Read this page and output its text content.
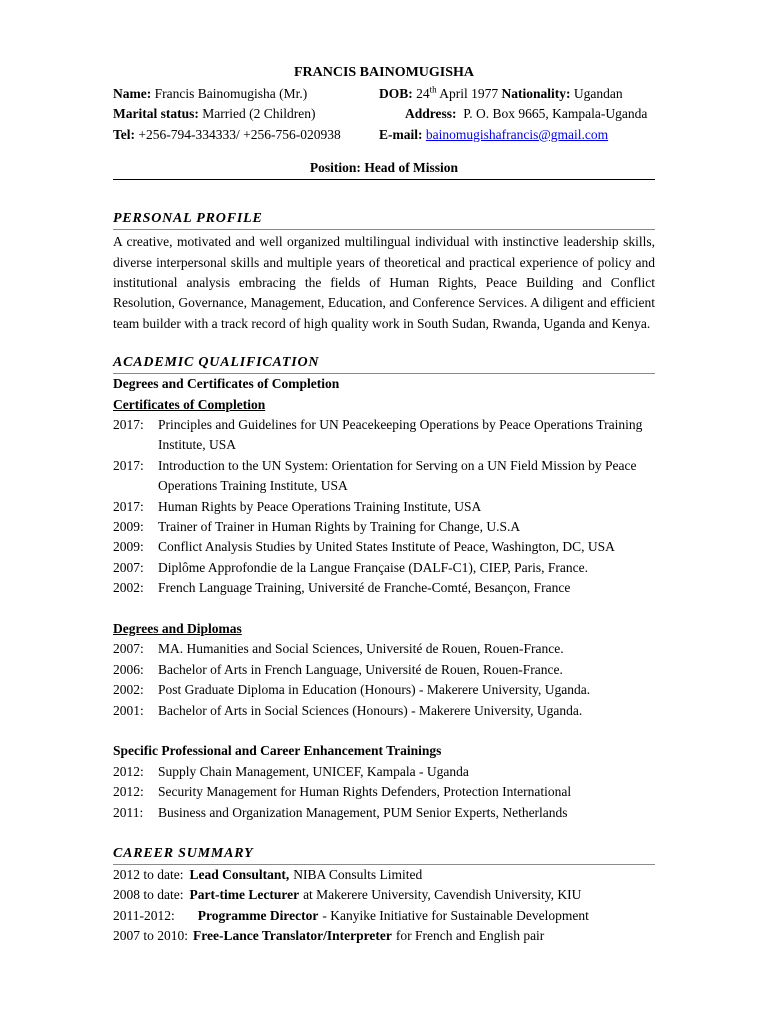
FRANCIS BAINOMUGISHA
Name: Francis Bainomugisha (Mr.)	DOB: 24th April 1977 Nationality: Ugandan
Marital status: Married (2 Children)	Address: P. O. Box 9665, Kampala-Uganda
Tel: +256-794-334333/ +256-756-020938	E-mail: bainomugishafrancis@gmail.com
Position: Head of Mission
PERSONAL PROFILE
A creative, motivated and well organized multilingual individual with instinctive leadership skills, diverse interpersonal skills and multiple years of theoretical and practical experience of policy and institutional analysis embracing the fields of Human Rights, Peace Building and Conflict Resolution, Governance, Management, Education, and Conference Services. A diligent and efficient team builder with a track record of high quality work in South Sudan, Rwanda, Uganda and Kenya.
ACADEMIC QUALIFICATION
Degrees and Certificates of Completion
Certificates of Completion
2017:	Principles and Guidelines for UN Peacekeeping Operations by Peace Operations Training Institute, USA
2017:	Introduction to the UN System: Orientation for Serving on a UN Field Mission by Peace Operations Training Institute, USA
2017:	Human Rights by Peace Operations Training Institute, USA
2009:	Trainer of Trainer in Human Rights by Training for Change, U.S.A
2009:	Conflict Analysis Studies by United States Institute of Peace, Washington, DC, USA
2007:	Diplôme Approfondie de la Langue Française (DALF-C1), CIEP, Paris, France.
2002:	French Language Training, Université de Franche-Comté, Besançon, France
Degrees and Diplomas
2007:	MA. Humanities and Social Sciences, Université de Rouen, Rouen-France.
2006:	Bachelor of Arts in French Language, Université de Rouen, Rouen-France.
2002:	Post Graduate Diploma in Education (Honours) - Makerere University, Uganda.
2001:	Bachelor of Arts in Social Sciences (Honours) - Makerere University, Uganda.
Specific Professional and Career Enhancement Trainings
2012:	Supply Chain Management, UNICEF, Kampala - Uganda
2012:	Security Management for Human Rights Defenders, Protection International
2011:	Business and Organization Management, PUM Senior Experts, Netherlands
CAREER SUMMARY
2012 to date: Lead Consultant, NIBA Consults Limited
2008 to date: Part-time Lecturer at Makerere University, Cavendish University, KIU
2011-2012: Programme Director - Kanyike Initiative for Sustainable Development
2007 to 2010: Free-Lance Translator/Interpreter for French and English pair
